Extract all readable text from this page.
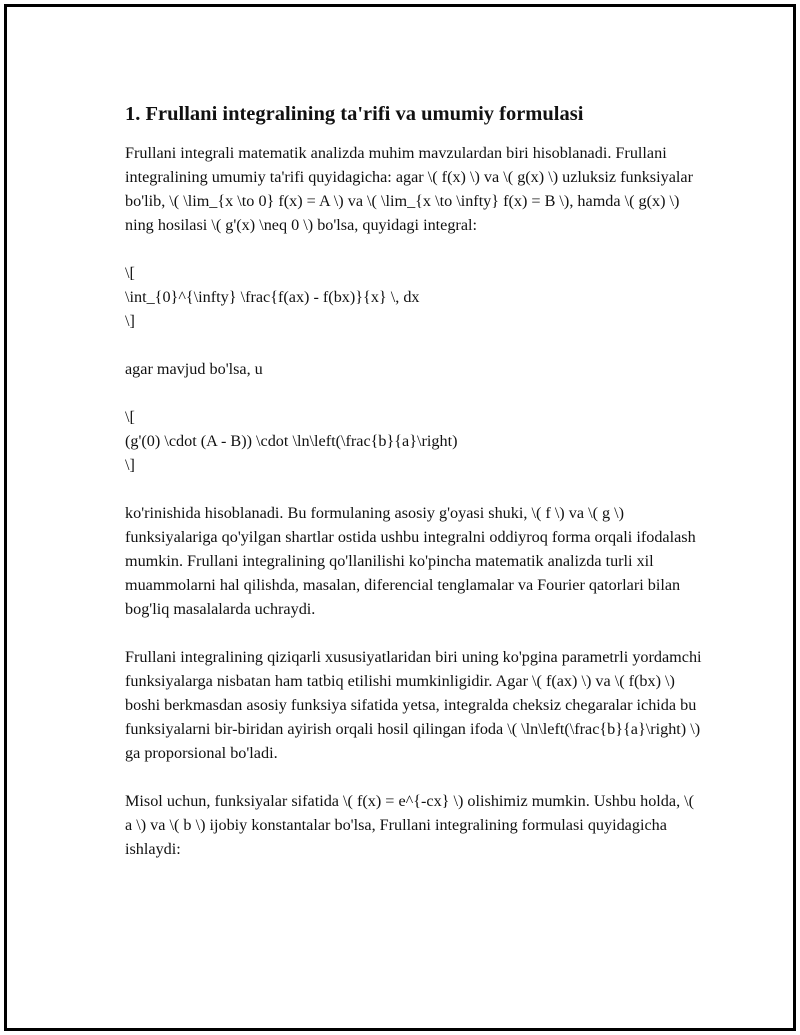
1. Frullani integralining ta'rifi va umumiy formulasi

Frullani integrali matematik analizda muhim mavzulardan biri hisoblanadi. Frullani integralining umumiy ta'rifi quyidagicha: agar \( f(x) \) va \( g(x) \) uzluksiz funksiyalar bo'lib, \( \lim_{x \to 0} f(x) = A \) va \( \lim_{x \to \infty} f(x) = B \), hamda \( g(x) \) ning hosilasi \( g'(x) \neq 0 \) bo'lsa, quyidagi integral:

\[

\int_{0}^{\infty} \frac{f(ax) - f(bx)}{x} \, dx

\]

agar mavjud bo'lsa, u

\[

(g'(0) \cdot (A - B)) \cdot \ln\left(\frac{b}{a}\right)

\]

ko'rinishida hisoblanadi. Bu formulaning asosiy g'oyasi shuki, \( f \) va \( g \) funksiyalariga qo'yilgan shartlar ostida ushbu integralni oddiyroq forma orqali ifodalash mumkin. Frullani integralining qo'llanilishi ko'pincha matematik analizda turli xil muammolarni hal qilishda, masalan, diferencial tenglamalar va Fourier qatorlari bilan bog'liq masalalarda uchraydi.

Frullani integralining qiziqarli xususiyatlaridan biri uning ko'pgina parametrli yordamchi funksiyalarga nisbatan ham tatbiq etilishi mumkinligidir. Agar \( f(ax) \) va \( f(bx) \) boshi berkmasdan asosiy funksiya sifatida yetsa, integralda cheksiz chegaralar ichida bu funksiyalarni bir-biridan ayirish orqali hosil qilingan ifoda \( \ln\left(\frac{b}{a}\right) \) ga proporsional bo'ladi.

Misol uchun, funksiyalar sifatida \( f(x) = e^{-cx} \) olishimiz mumkin. Ushbu holda, \( a \) va \( b \) ijobiy konstantalar bo'lsa, Frullani integralining formulasi quyidagicha ishlaydi:
